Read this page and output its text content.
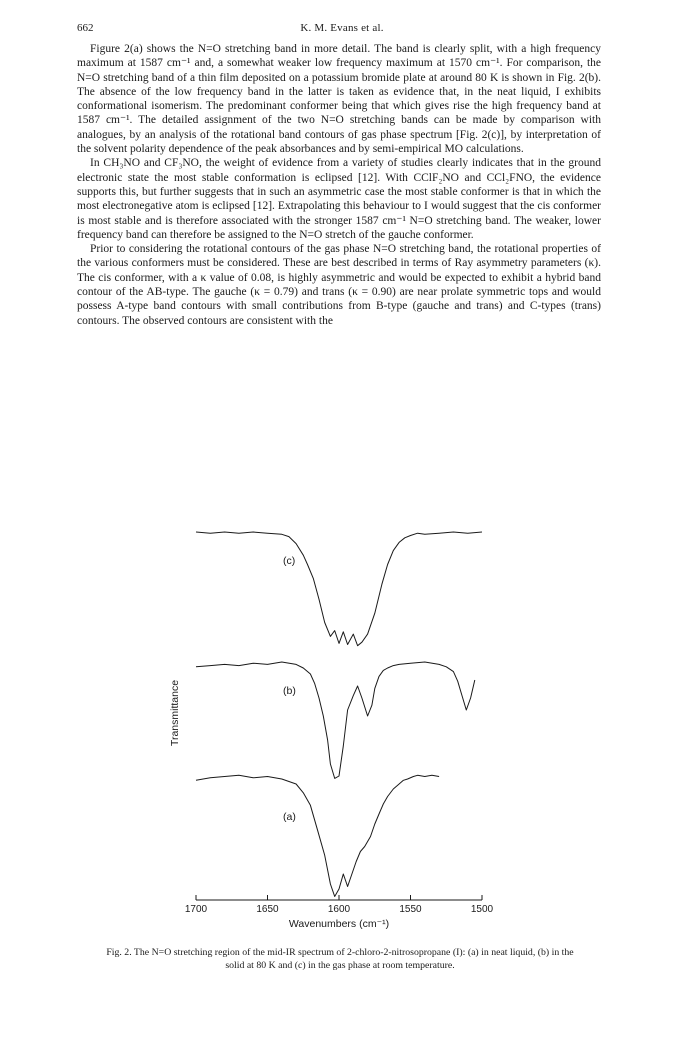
662	K. M. Evans et al.

Figure 2(a) shows the N=O stretching band in more detail. The band is clearly split, with a high frequency maximum at 1587 cm⁻¹ and, a somewhat weaker low frequency maximum at 1570 cm⁻¹. For comparison, the N=O stretching band of a thin film deposited on a potassium bromide plate at around 80 K is shown in Fig. 2(b). The absence of the low frequency band in the latter is taken as evidence that, in the neat liquid, I exhibits conformational isomerism. The predominant conformer being that which gives rise the high frequency band at 1587 cm⁻¹. The detailed assignment of the two N=O stretching bands can be made by comparison with analogues, by an analysis of the rotational band contours of gas phase spectrum [Fig. 2(c)], by interpretation of the solvent polarity dependence of the peak absorbances and by semi-empirical MO calculations.

In CH₃NO and CF₃NO, the weight of evidence from a variety of studies clearly indicates that in the ground electronic state the most stable conformation is eclipsed [12]. With CClF₂NO and CCl₂FNO, the evidence supports this, but further suggests that in such an asymmetric case the most stable conformer is that in which the most electronegative atom is eclipsed [12]. Extrapolating this behaviour to I would suggest that the cis conformer is most stable and is therefore associated with the stronger 1587 cm⁻¹ N=O stretching band. The weaker, lower frequency band can therefore be assigned to the N=O stretch of the gauche conformer.

Prior to considering the rotational contours of the gas phase N=O stretching band, the rotational properties of the various conformers must be considered. These are best described in terms of Ray asymmetry parameters (κ). The cis conformer, with a κ value of 0.08, is highly asymmetric and would be expected to exhibit a hybrid band contour of the AB-type. The gauche (κ = 0.79) and trans (κ = 0.90) are near prolate symmetric tops and would possess A-type band contours with small contributions from B-type (gauche and trans) and C-types (trans) contours. The observed contours are consistent with the

1700	1650	1600	1550	1500
(c)
(b)
(a)
Transmittance
Wavenumbers (cm⁻¹)
Fig. 2. The N=O stretching region of the mid-IR spectrum of 2-chloro-2-nitrosopropane (I): (a) in neat liquid, (b) in the solid at 80 K and (c) in the gas phase at room temperature.
